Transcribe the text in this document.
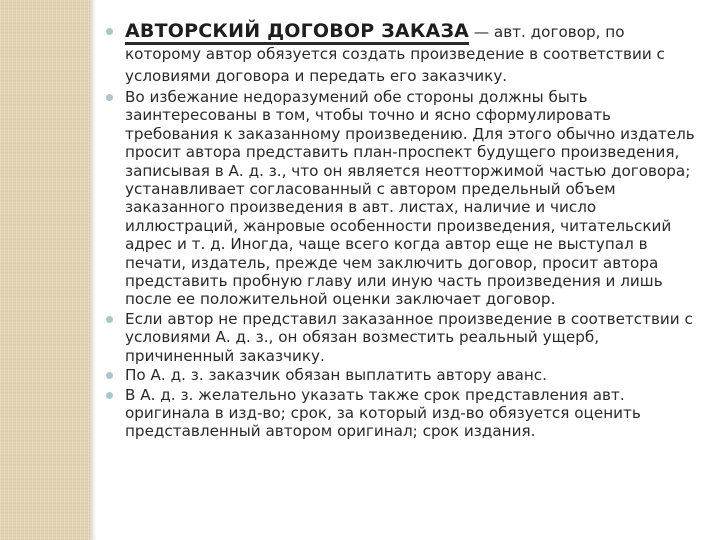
АВТОРСКИЙ ДОГОВОР ЗАКАЗА — авт. договор, по которому автор обязуется создать произведение в соответствии с условиями договора и передать его заказчику.
Во избежание недоразумений обе стороны должны быть заинтересованы в том, чтобы точно и ясно сформулировать требования к заказанному произведению. Для этого обычно издатель просит автора представить план-проспект будущего произведения, записывая в А. д. з., что он является неотторжимой частью договора; устанавливает согласованный с автором предельный объем заказанного произведения в авт. листах, наличие и число иллюстраций, жанровые особенности произведения, читательский адрес и т. д. Иногда, чаще всего когда автор еще не выступал в печати, издатель, прежде чем заключить договор, просит автора представить пробную главу или иную часть произведения и лишь после ее положительной оценки заключает договор.
Если автор не представил заказанное произведение в соответствии с условиями А. д. з., он обязан возместить реальный ущерб, причиненный заказчику.
По А. д. з. заказчик обязан выплатить автору аванс.
В А. д. з. желательно указать также срок представления авт. оригинала в изд-во; срок, за который изд-во обязуется оценить представленный автором оригинал; срок издания.
